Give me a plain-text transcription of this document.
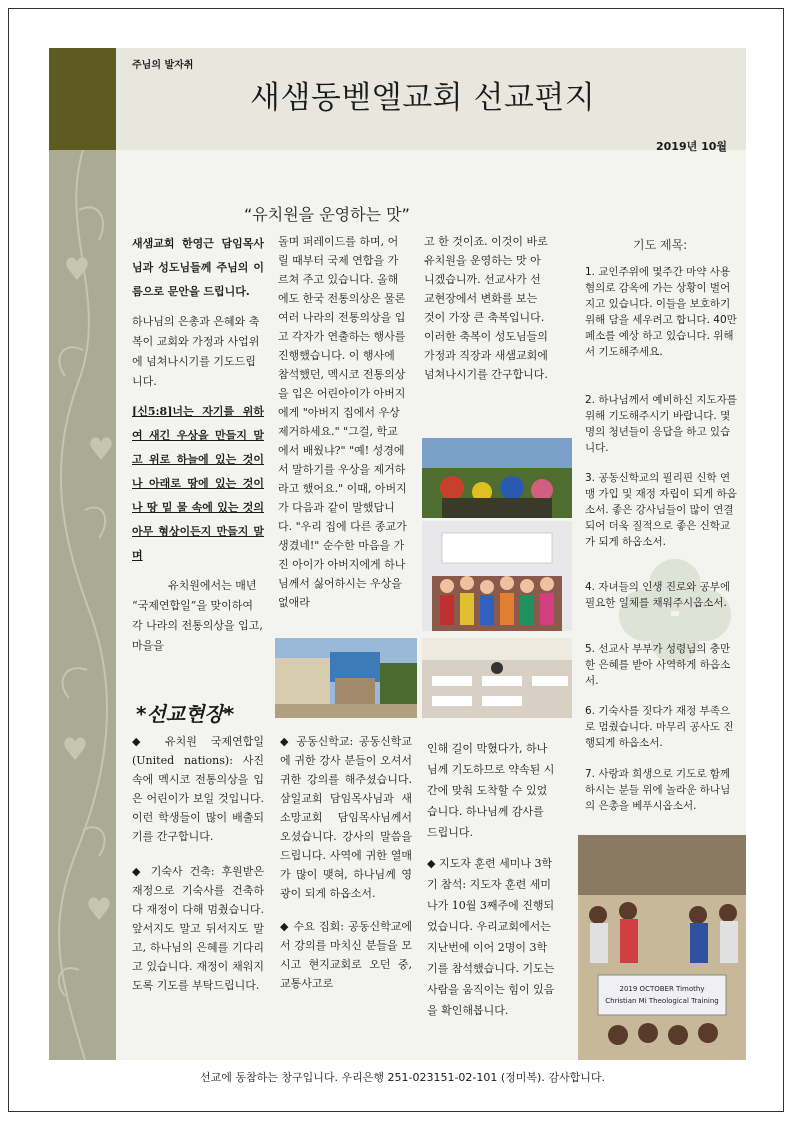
주님의 발자취
새샘동벧엘교회 선교편지
2019년 10월
“유치원을 운영하는 맛”

새샘교회 한영근 담임목사님과 성도님들께 주님의 이름으로 문안을 드립니다.

하나님의 은총과 은혜와 축복이 교회와 가정과 사업위에 넘쳐나시기를 기도드립니다.

[신5:8]너는 자기를 위하여 새긴 우상을 만들지 말고 위로 하늘에 있는 것이나 아래로 땅에 있는 것이나 땅 밑 물 속에 있는 것의 아무 형상이든지 만들지 말며

유치원에서는 매년 “국제연합일”을 맞이하여 각 나라의 전통의상을 입고, 마을을

돌며 퍼레이드를 하며, 어릴 때부터 국제 연합을 가르쳐 주고 있습니다. 올해에도 한국 전통의상은 물론 여러 나라의 전통의상을 입고 각자가 연출하는 행사를 진행했습니다. 이 행사에 참석했던, 멕시코 전통의상을 입은 어린아이가 아버지에게 "아버지 집에서 우상 제거하세요." "그걸, 학교에서 배웠냐?" "예! 성경에서 말하기를 우상을 제거하라고 했어요." 이때, 아버지가 다음과 같이 말했답니다. "우리 집에 다른 종교가 생겼네!" 순수한 마음을 가진 아이가 아버지에게 하나님께서 싫어하시는 우상을 없애라

고 한 것이죠. 이것이 바로 유치원을 운영하는 맛 아니겠습니까. 선교사가 선교현장에서 변화를 보는 것이 가장 큰 축복입니다. 이러한 축복이 성도님들의 가정과 직장과 새샘교회에 넘쳐나시기를 간구합니다.

2019 OCTOBER Timothy
Christian Mi Theological Training
기도 제목:
1. 교인주위에 몇주간 마약 사용혐의로 감옥에 가는 상황이 벌어지고 있습니다. 이들을 보호하기 위해 담을 세우려고 합니다. 40만페소를 예상 하고 있습니다. 위해서 기도해주세요.
2. 하나님께서 예비하신 지도자를 위해 기도해주시기 바랍니다. 몇명의 청년들이 응답을 하고 있습니다.
3. 공동신학교의 필리핀 신학 연맹 가입 및 재정 자립이 되게 하옵소서. 좋은 강사님들이 많이 연결되어 더욱 질적으로 좋은 신학교가 되게 하옵소서.
4. 자녀들의 인생 진로와 공부에 필요한 일체를 채워주시옵소서.
5. 선교사 부부가 성령님의 충만한 은혜를 받아 사역하게 하옵소서.
6. 기숙사를 짓다가 재정 부족으로 멈췄습니다. 마무리 공사도 진행되게 하옵소서.
7. 사랑과 희생으로 기도로 함께 하시는 분들 위에 놀라운 하나님의 은총을 베푸시옵소서.
*선교현장*

◆ 유치원 국제연합일(United nations): 사진 속에 멕시코 전통의상을 입은 어린이가 보일 것입니다. 이런 학생들이 많이 배출되기를 간구합니다.

◆ 기숙사 건축: 후원받은 재정으로 기숙사를 건축하다 재정이 다해 멈췄습니다. 앞서지도 말고 뒤서지도 말고, 하나님의 은혜를 기다리고 있습니다. 재정이 채워지도록 기도를 부탁드립니다.

◆ 공동신학교: 공동신학교에 귀한 강사 분들이 오셔서 귀한 강의를 해주셨습니다. 삼일교회 담임목사님과 새소망교회 담임목사님께서 오셨습니다. 강사의 말씀을 드립니다. 사역에 귀한 열매가 많이 맺혀, 하나님께 영광이 되게 하옵소서.

◆ 수요 집회: 공동신학교에서 강의를 마치신 분들을 모시고 현지교회로 오던 중, 교통사고로

인해 길이 막혔다가, 하나님께 기도하므로 약속된 시간에 맞춰 도착할 수 있었습니다. 하나님께 감사를 드립니다.

◆ 지도자 훈련 세미나 3학기 참석: 지도자 훈련 세미나가 10월 3째주에 진행되었습니다. 우리교회에서는 지난번에 이어 2명이 3학기를 참석했습니다. 기도는 사람을 움직이는 힘이 있음을 확인해봅니다.

선교에 동참하는 창구입니다. 우리은행 251-023151-02-101 (정미복). 감사합니다.
